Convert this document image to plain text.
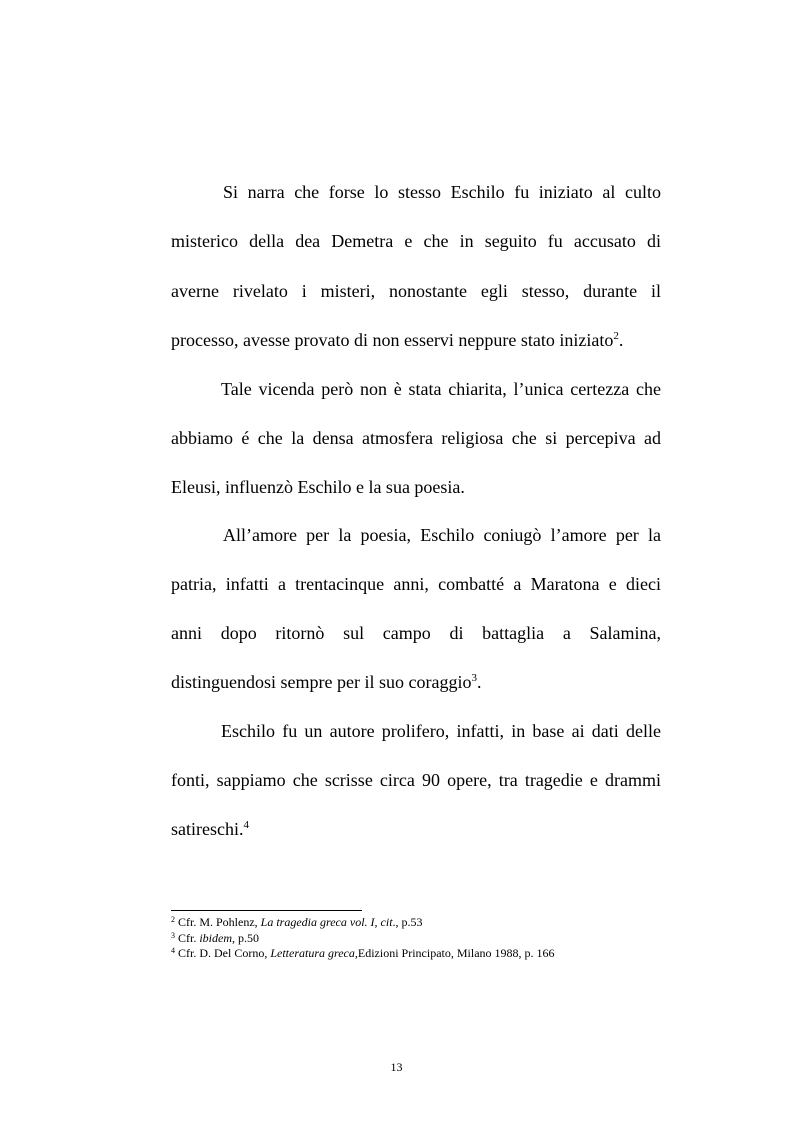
Si narra che forse lo stesso Eschilo fu iniziato al culto
misterico della dea Demetra e che in seguito fu accusato di
averne rivelato i misteri, nonostante egli stesso, durante il
processo, avesse provato di non esservi neppure stato iniziato$^2$.
Tale vicenda però non è stata chiarita, l’unica certezza che
abbiamo é che la densa atmosfera religiosa che si percepiva ad
Eleusi, influenzò Eschilo e la sua poesia.
All’amore per la poesia, Eschilo coniugò l’amore per la
patria, infatti a trentacinque anni, combatté a Maratona e dieci
anni dopo ritornò sul campo di battaglia a Salamina,
distinguendosi sempre per il suo coraggio$^3$.
Eschilo fu un autore prolifero, infatti, in base ai dati delle
fonti, sappiamo che scrisse circa 90 opere, tra tragedie e drammi
satireschi.$^4$
$^2$ Cfr. M. Pohlenz, La tragedia greca vol. I, cit., p.53
$^3$ Cfr. ibidem, p.50
$^4$ Cfr. D. Del Corno, Letteratura greca,Edizioni Principato, Milano 1988, p. 166
13
